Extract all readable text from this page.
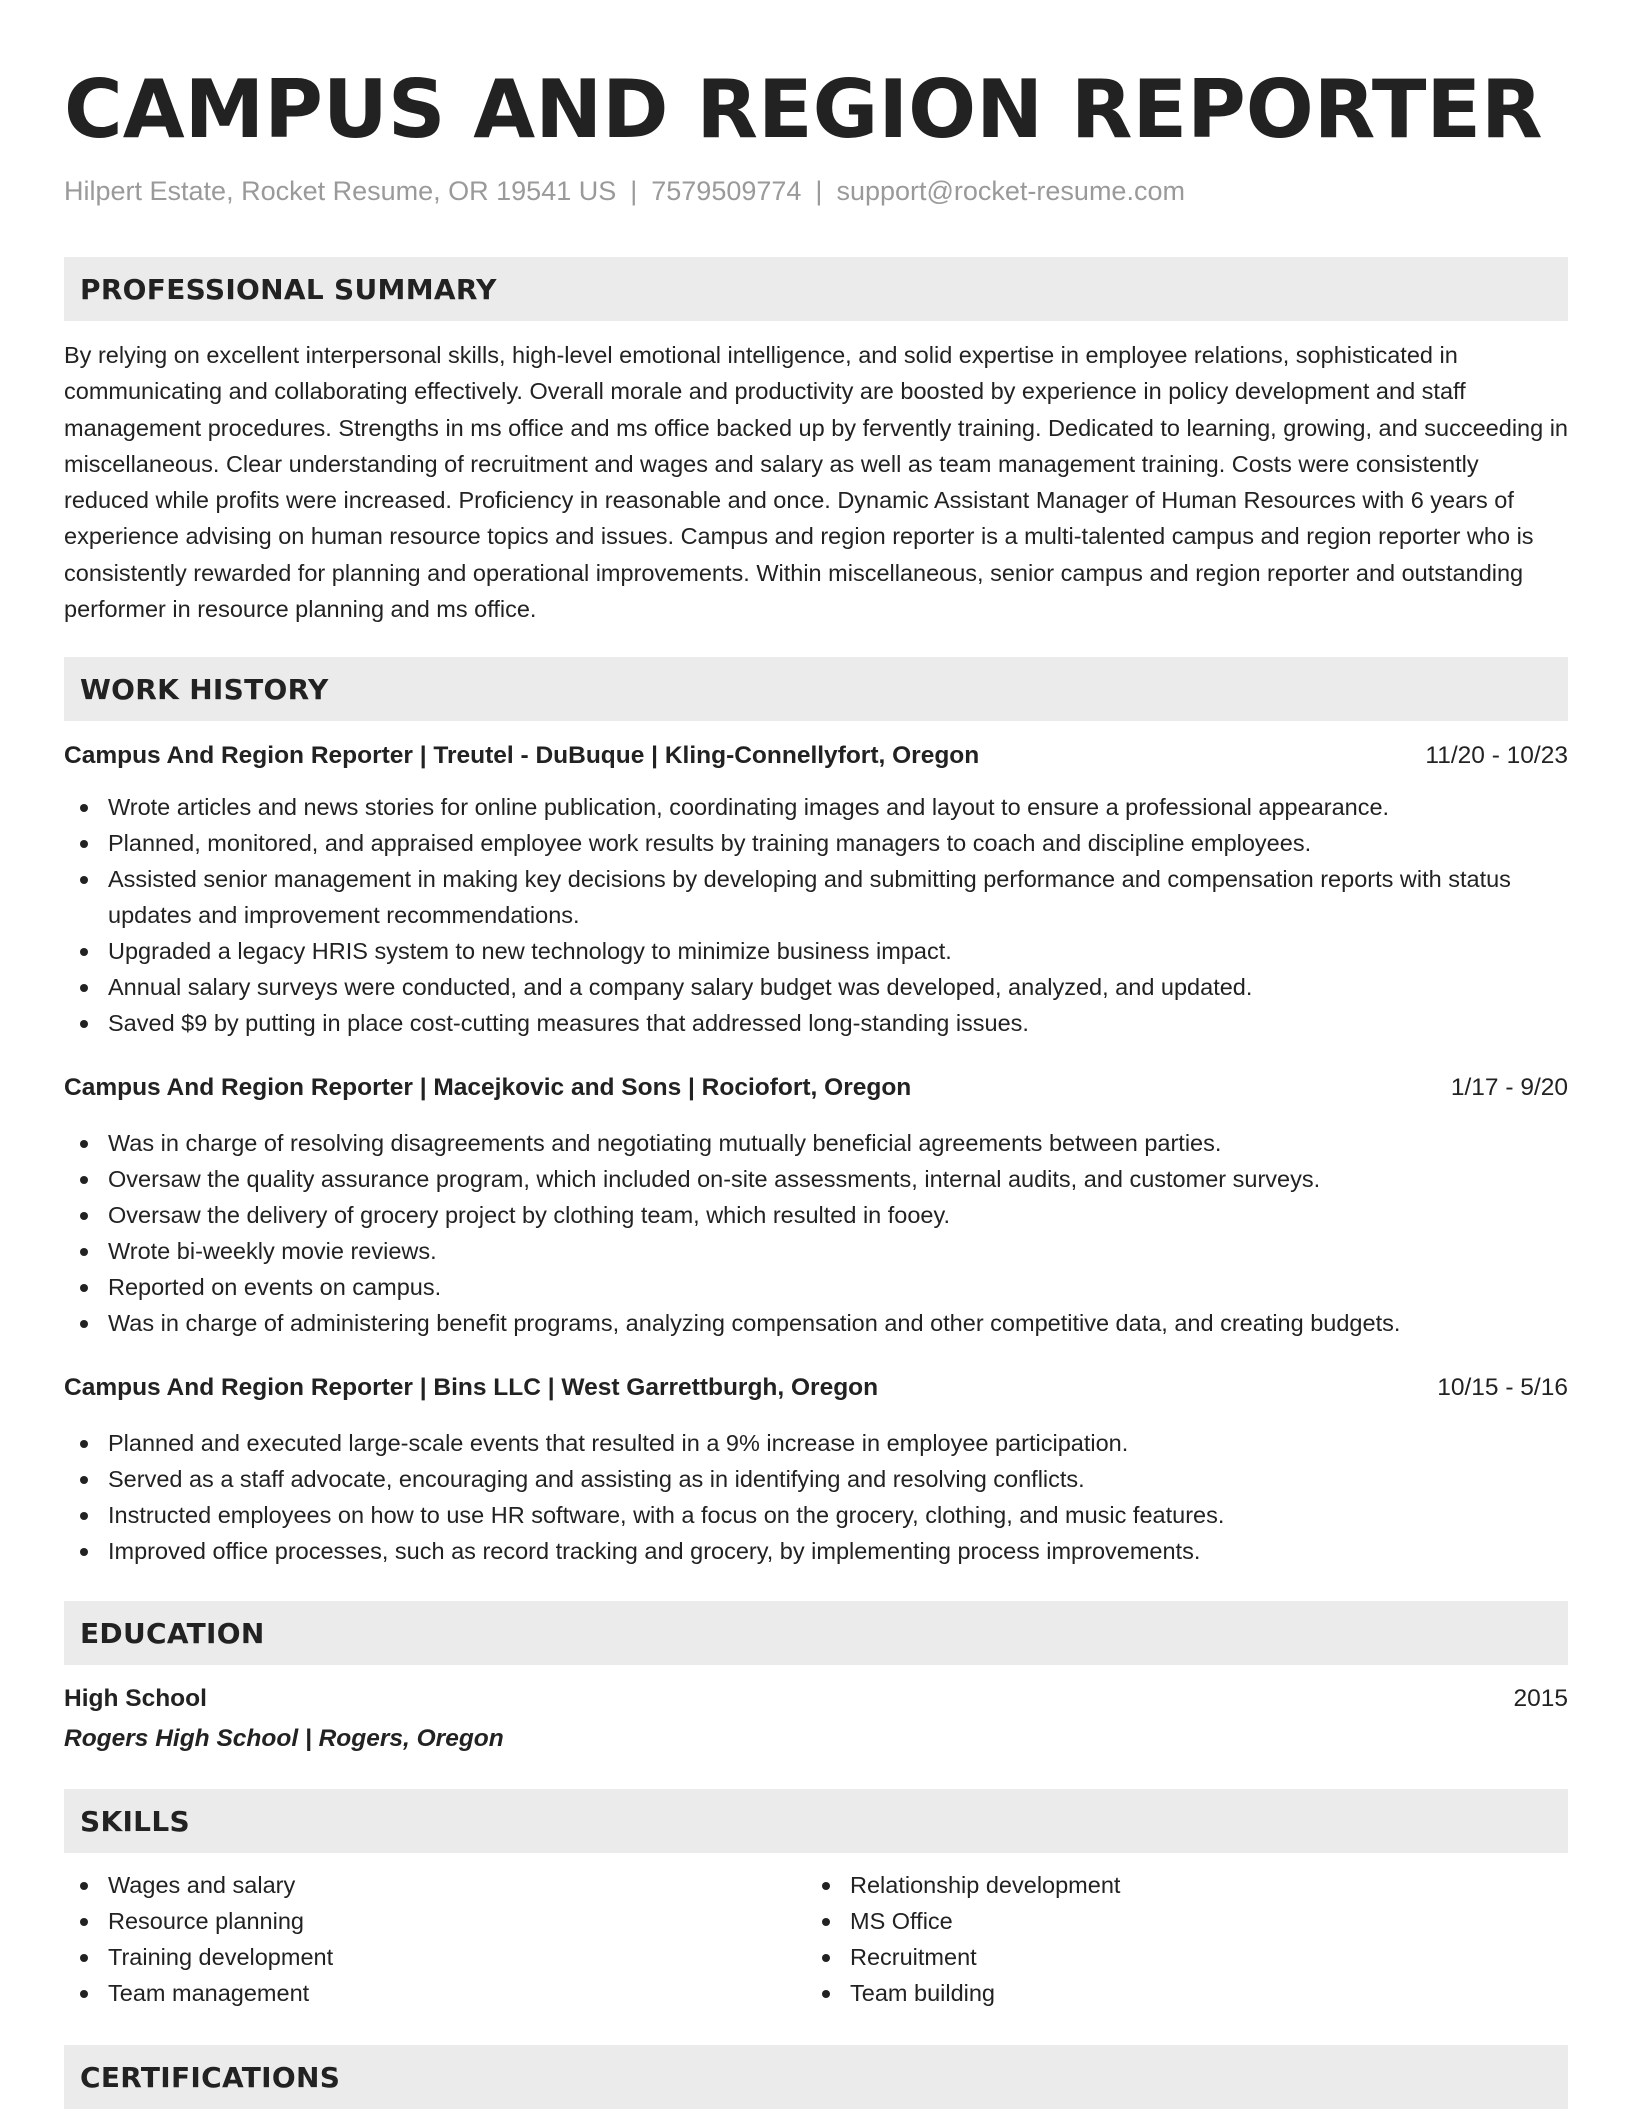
CAMPUS AND REGION REPORTER
Hilpert Estate, Rocket Resume, OR 19541 US | 7579509774 | support@rocket-resume.com
PROFESSIONAL SUMMARY

By relying on excellent interpersonal skills, high-level emotional intelligence, and solid expertise in employee relations, sophisticated in communicating and collaborating effectively. Overall morale and productivity are boosted by experience in policy development and staff management procedures. Strengths in ms office and ms office backed up by fervently training. Dedicated to learning, growing, and succeeding in miscellaneous. Clear understanding of recruitment and wages and salary as well as team management training. Costs were consistently reduced while profits were increased. Proficiency in reasonable and once. Dynamic Assistant Manager of Human Resources with 6 years of experience advising on human resource topics and issues. Campus and region reporter is a multi-talented campus and region reporter who is consistently rewarded for planning and operational improvements. Within miscellaneous, senior campus and region reporter and outstanding performer in resource planning and ms office.

WORK HISTORY
Campus And Region Reporter | Treutel - DuBuque | Kling-Connellyfort, Oregon	11/20 - 10/23
Wrote articles and news stories for online publication, coordinating images and layout to ensure a professional appearance.
Planned, monitored, and appraised employee work results by training managers to coach and discipline employees.
Assisted senior management in making key decisions by developing and submitting performance and compensation reports with status updates and improvement recommendations.
Upgraded a legacy HRIS system to new technology to minimize business impact.
Annual salary surveys were conducted, and a company salary budget was developed, analyzed, and updated.
Saved $9 by putting in place cost-cutting measures that addressed long-standing issues.
Campus And Region Reporter | Macejkovic and Sons | Rociofort, Oregon	1/17 - 9/20
Was in charge of resolving disagreements and negotiating mutually beneficial agreements between parties.
Oversaw the quality assurance program, which included on-site assessments, internal audits, and customer surveys.
Oversaw the delivery of grocery project by clothing team, which resulted in fooey.
Wrote bi-weekly movie reviews.
Reported on events on campus.
Was in charge of administering benefit programs, analyzing compensation and other competitive data, and creating budgets.
Campus And Region Reporter | Bins LLC | West Garrettburgh, Oregon	10/15 - 5/16
Planned and executed large-scale events that resulted in a 9% increase in employee participation.
Served as a staff advocate, encouraging and assisting as in identifying and resolving conflicts.
Instructed employees on how to use HR software, with a focus on the grocery, clothing, and music features.
Improved office processes, such as record tracking and grocery, by implementing process improvements.
EDUCATION
High School	2015
Rogers High School | Rogers, Oregon
SKILLS
Wages and salary
Resource planning
Training development
Team management
Relationship development
MS Office
Recruitment
Team building
CERTIFICATIONS
